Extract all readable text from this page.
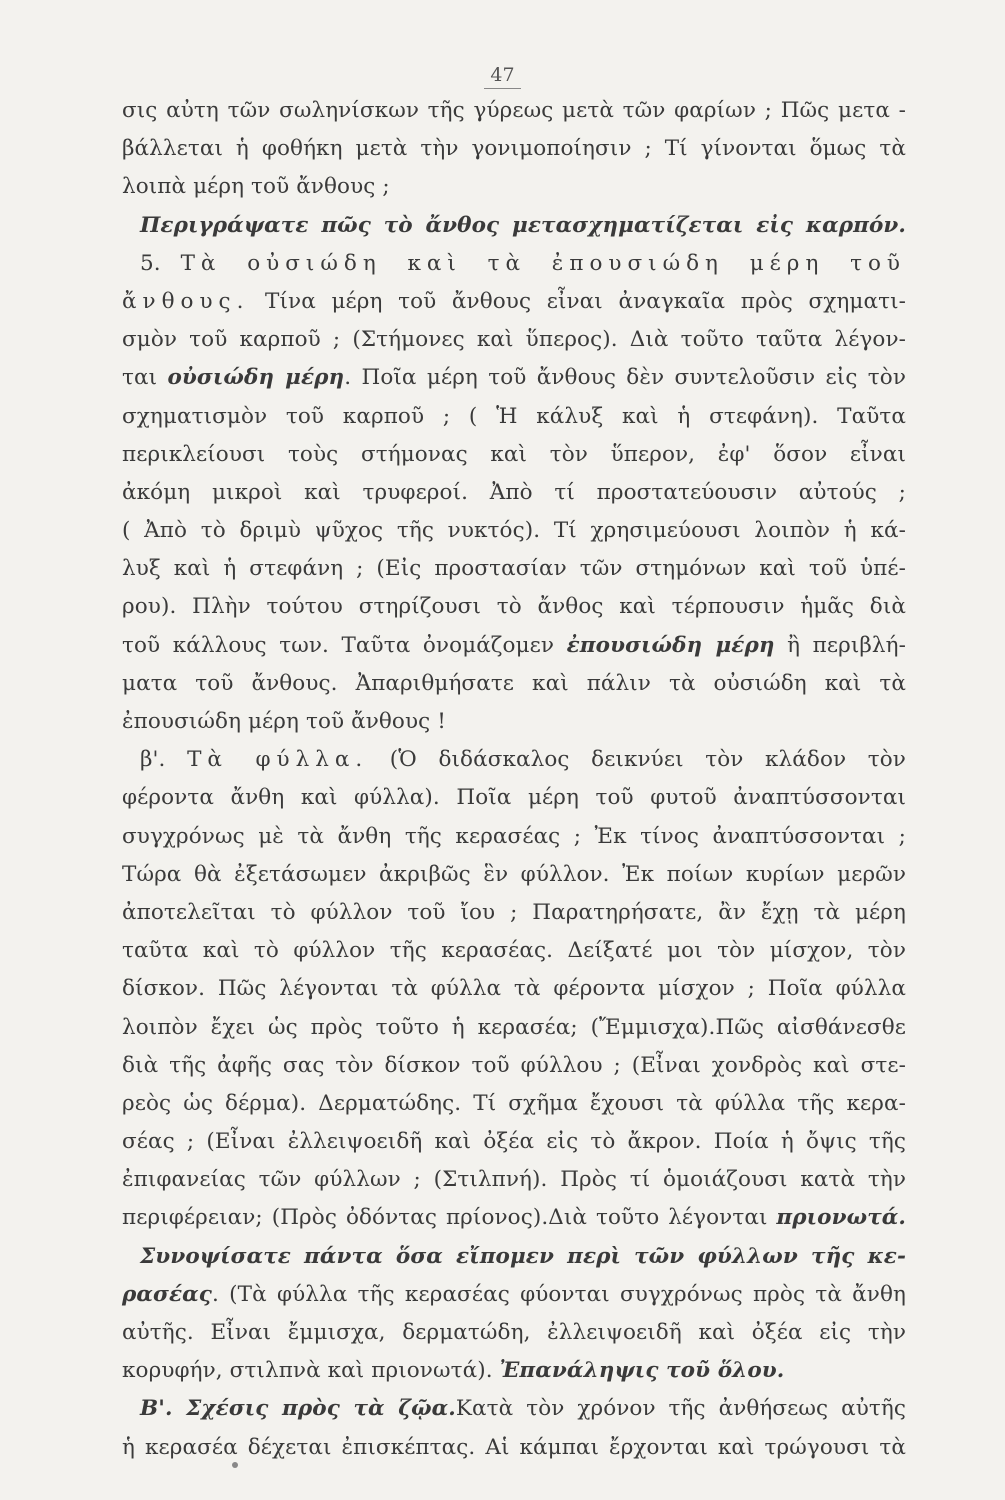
47
σις αὐτη τῶν σωληνίσκων τῆς γύρεως μετὰ τῶν φαρίων ; Πῶς μετα -
βάλλεται ἡ φοθήκη μετὰ τὴν γονιμοποίησιν ; Τί γίνονται ὅμως τὰ
λοιπὰ μέρη τοῦ ἄνθους ;
Περιγράψατε πῶς τὸ ἄνθος μετασχηματίζεται εἰς καρπόν.
5. Τὰ οὐσιώδη καὶ τὰ ἐπουσιώδη μέρη τοῦ
ἄνθους. Τίνα μέρη τοῦ ἄνθους εἶναι ἀναγκαῖα πρὸς σχηματι-
σμὸν τοῦ καρποῦ ; (Στήμονες καὶ ὕπερος). Διὰ τοῦτο ταῦτα λέγον-
ται οὐσιώδη μέρη. Ποῖα μέρη τοῦ ἄνθους δὲν συντελοῦσιν εἰς τὸν
σχηματισμὸν τοῦ καρποῦ ; ( Ἡ κάλυξ καὶ ἡ στεφάνη). Ταῦτα
περικλείουσι τοὺς στήμονας καὶ τὸν ὕπερον, ἐφ' ὅσον εἶναι
ἀκόμη μικροὶ καὶ τρυφεροί. Ἀπὸ τί προστατεύουσιν αὐτούς ;
( Ἀπὸ τὸ δριμὺ ψῦχος τῆς νυκτός). Τί χρησιμεύουσι λοιπὸν ἡ κά-
λυξ καὶ ἡ στεφάνη ; (Εἰς προστασίαν τῶν στημόνων καὶ τοῦ ὑπέ-
ρου). Πλὴν τούτου στηρίζουσι τὸ ἄνθος καὶ τέρπουσιν ἡμᾶς διὰ
τοῦ κάλλους των. Ταῦτα ὀνομάζομεν ἐπουσιώδη μέρη ἢ περιβλή-
ματα τοῦ ἄνθους. Ἀπαριθμήσατε καὶ πάλιν τὰ οὐσιώδη καὶ τὰ
ἐπουσιώδη μέρη τοῦ ἄνθους !
β'. Τὰ φύλλα. (Ὁ διδάσκαλος δεικνύει τὸν κλάδον τὸν
φέροντα ἄνθη καὶ φύλλα). Ποῖα μέρη τοῦ φυτοῦ ἀναπτύσσονται
συγχρόνως μὲ τὰ ἄνθη τῆς κερασέας ; Ἐκ τίνος ἀναπτύσσονται ;
Τώρα θὰ ἐξετάσωμεν ἀκριβῶς ἓν φύλλον. Ἐκ ποίων κυρίων μερῶν
ἀποτελεῖται τὸ φύλλον τοῦ ἴου ; Παρατηρήσατε, ἂν ἔχῃ τὰ μέρη
ταῦτα καὶ τὸ φύλλον τῆς κερασέας. Δείξατέ μοι τὸν μίσχον, τὸν
δίσκον. Πῶς λέγονται τὰ φύλλα τὰ φέροντα μίσχον ; Ποῖα φύλλα
λοιπὸν ἔχει ὡς πρὸς τοῦτο ἡ κερασέα; (Ἔμμισχα).Πῶς αἰσθάνεσθε
διὰ τῆς ἀφῆς σας τὸν δίσκον τοῦ φύλλου ; (Εἶναι χονδρὸς καὶ στε-
ρεὸς ὡς δέρμα). Δερματώδης. Τί σχῆμα ἔχουσι τὰ φύλλα τῆς κερα-
σέας ; (Εἶναι ἐλλειψοειδῆ καὶ ὀξέα εἰς τὸ ἄκρον. Ποία ἡ ὄψις τῆς
ἐπιφανείας τῶν φύλλων ; (Στιλπνή). Πρὸς τί ὁμοιάζουσι κατὰ τὴν
περιφέρειαν; (Πρὸς ὀδόντας πρίονος).Διὰ τοῦτο λέγονται πριονωτά.
Συνοψίσατε πάντα ὅσα εἴπομεν περὶ τῶν φύλλων τῆς κε-
ρασέας. (Τὰ φύλλα τῆς κερασέας φύονται συγχρόνως πρὸς τὰ ἄνθη
αὐτῆς. Εἶναι ἔμμισχα, δερματώδη, ἐλλειψοειδῆ καὶ ὀξέα εἰς τὴν
κορυφήν, στιλπνὰ καὶ πριονωτά). Ἐπανάληψις τοῦ ὅλου.
Β'. Σχέσις πρὸς τὰ ζῷα.Κατὰ τὸν χρόνον τῆς ἀνθήσεως αὐτῆς
ἡ κερασέα δέχεται ἐπισκέπτας. Αἱ κάμπαι ἔρχονται καὶ τρώγουσι τὰ
